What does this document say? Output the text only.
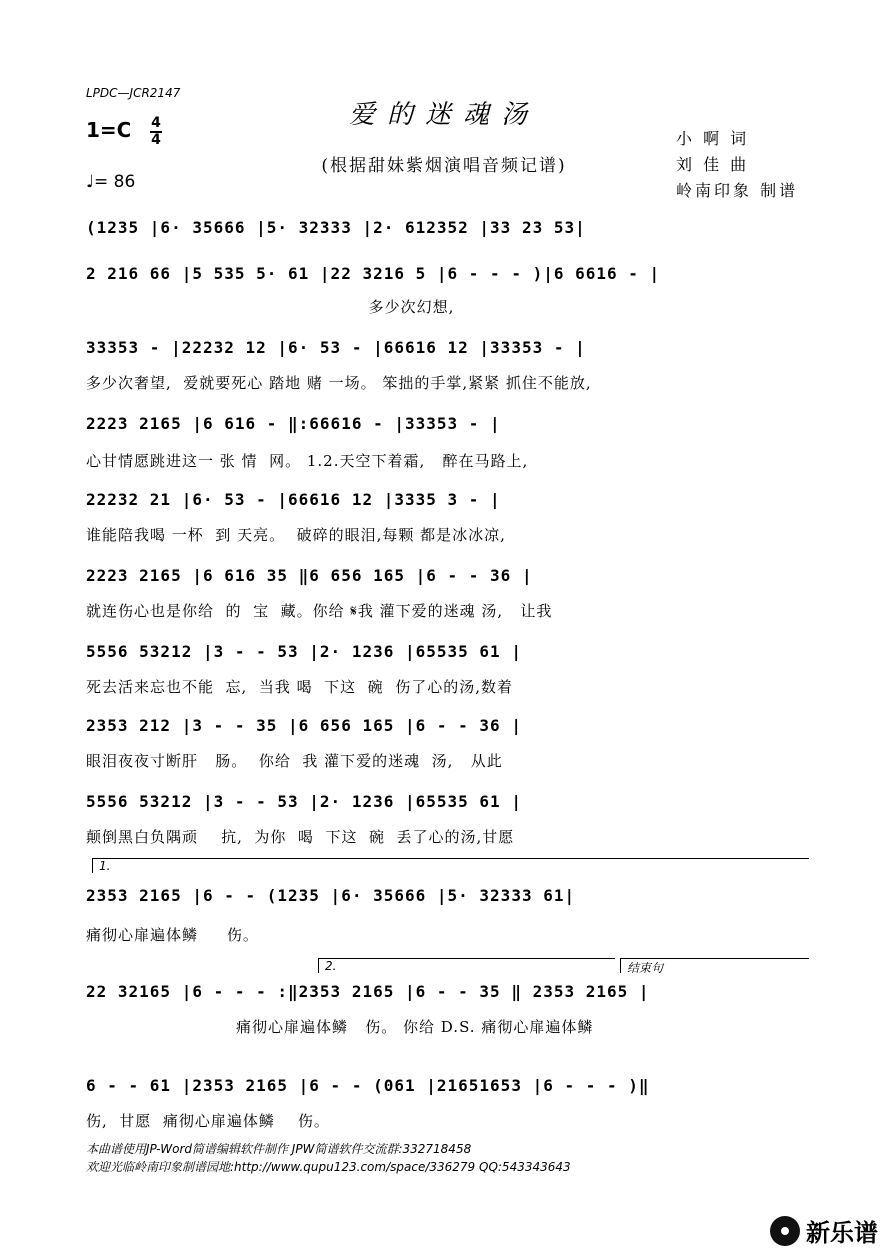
LPDC—JCR2147
爱的迷魂汤
(根据甜妹紫烟演唱音频记谱)
1=C 4
4
♩= 86
小 啊 词
刘 佳 曲
岭南印象 制谱
(1235 |6· 35666 |5· 32333 |2· 612352 |33 23 53|
2 216 66 |5 535 5· 61 |22 3216 5 |6 - - - )|6 6616 - |
多少次幻想,
33353 - |22232 12 |6· 53 - |66616 12 |33353 - |
多少次奢望,  爱就要死心 踏地 赌 一场。 笨拙的手掌,紧紧 抓住不能放,
2223 2165 |6 616 - ‖:66616 - |33353 - |
心甘情愿跳进这一 张 情  网。 1.2.天空下着霜,   醉在马路上,
22232 21 |6· 53 - |66616 12 |3335 3 - |
谁能陪我喝 一杯  到 天亮。  破碎的眼泪,每颗 都是冰冰凉,
2223 2165 |6 616 35 ‖6 656 165 |6 - - 36 |
就连伤心也是你给  的  宝  藏。你给 𝄋我 灌下爱的迷魂 汤,   让我
5556 53212 |3 - - 53 |2· 1236 |65535 61 |
死去活来忘也不能  忘,  当我 喝  下这  碗  伤了心的汤,数着
2353 212 |3 - - 35 |6 656 165 |6 - - 36 |
眼泪夜夜寸断肝   肠。  你给  我 灌下爱的迷魂  汤,   从此
5556 53212 |3 - - 53 |2· 1236 |65535 61 |
颠倒黑白负隅顽    抗,  为你  喝  下这  碗  丢了心的汤,甘愿
1.
2353 2165 |6 - - (1235 |6· 35666 |5· 32333 61|
痛彻心扉遍体鳞     伤。
2.	结束句
22 32165 |6 - - - :‖2353 2165 |6 - - 35 ‖ 2353 2165 |
痛彻心扉遍体鳞   伤。 你给 D.S. 痛彻心扉遍体鳞
6 - - 61 |2353 2165 |6 - - (061 |21651653 |6 - - - )‖
伤,  甘愿  痛彻心扉遍体鳞    伤。
本曲谱使用JP-Word简谱编辑软件制作 JPW简谱软件交流群:332718458
欢迎光临岭南印象制谱园地:http://www.qupu123.com/space/336279 QQ:543343643
新乐谱
